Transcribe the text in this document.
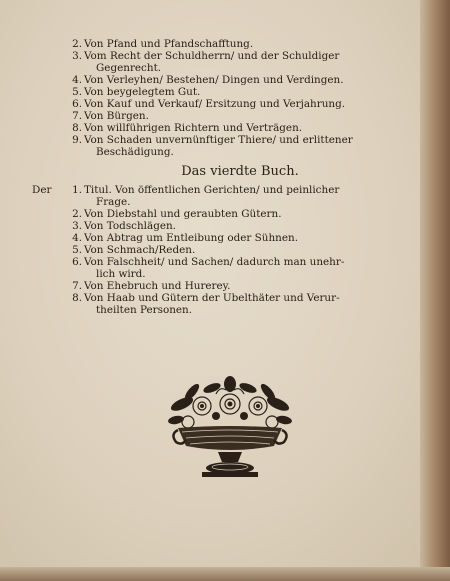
2. Von Pfand und Pfandschafftung.
3. Vom Recht der Schuldherrn/ und der Schuldiger
Gegenrecht.
4. Von Verleyhen/ Bestehen/ Dingen und Verdingen.
5. Von beygelegtem Gut.
6. Von Kauf und Verkauf/ Ersitzung und Verjahrung.
7. Von Bürgen.
8. Von willführigen Richtern und Verträgen.
9. Von Schaden unvernünftiger Thiere/ und erlittener
Beschädigung.
Das vierdte Buch.
Der	1. Titul. Von öffentlichen Gerichten/ und peinlicher
Frage.
2. Von Diebstahl und geraubten Gütern.
3. Von Todschlägen.
4. Von Abtrag um Entleibung oder Sühnen.
5. Von Schmach/Reden.
6. Von Falschheit/ und Sachen/ dadurch man unehr-
lich wird.
7. Von Ehebruch und Hurerey.
8. Von Haab und Gütern der Ubelthäter und Verur-
theilten Personen.
